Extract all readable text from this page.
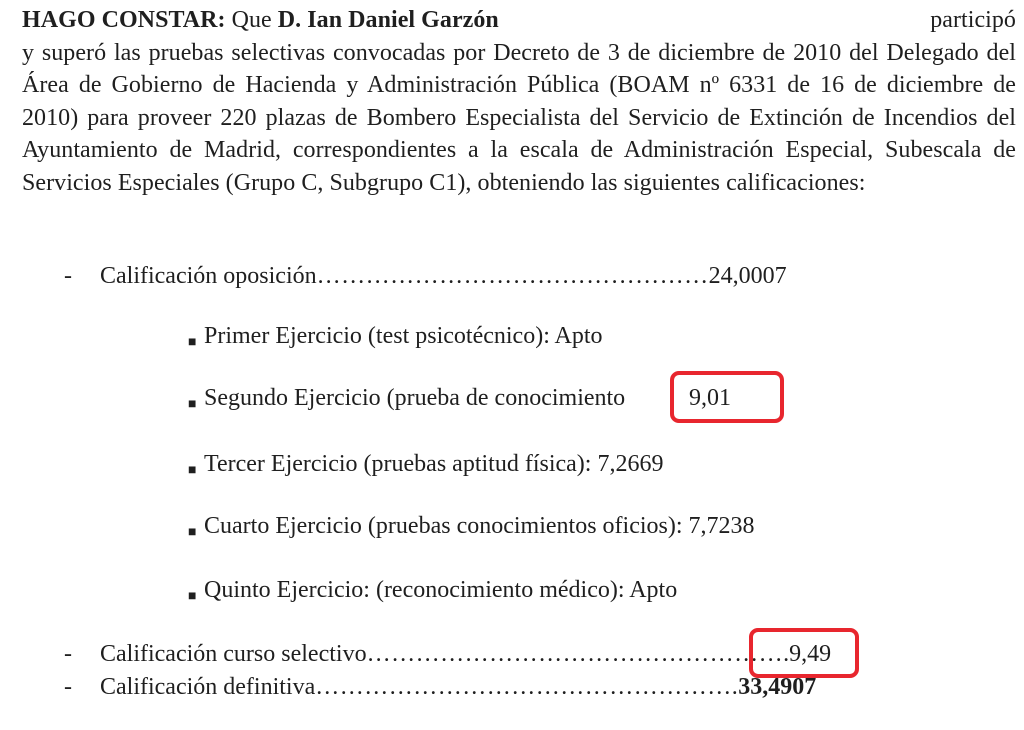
HAGO CONSTAR: Que D. Ian Daniel Garzón	participó
y superó las pruebas selectivas convocadas por Decreto de 3 de diciembre de 2010 del Delegado del Área de Gobierno de Hacienda y Administración Pública (BOAM nº 6331 de 16 de diciembre de 2010) para proveer 220 plazas de Bombero Especialista del Servicio de Extinción de Incendios del Ayuntamiento de Madrid, correspondientes a la escala de Administración Especial, Subescala de Servicios Especiales (Grupo C, Subgrupo C1), obteniendo las siguientes calificaciones:
- Calificación oposición…………………………………………24,0007
■ Primer Ejercicio (test psicotécnico): Apto
■ Segundo Ejercicio (prueba de conocimiento	9,01
■ Tercer Ejercicio (pruebas aptitud física): 7,2669
■ Cuarto Ejercicio (pruebas conocimientos oficios): 7,7238
■ Quinto Ejercicio: (reconocimiento médico): Apto
- Calificación curso selectivo…………………………………………….9,49
- Calificación definitiva…………………………………………….33,4907
